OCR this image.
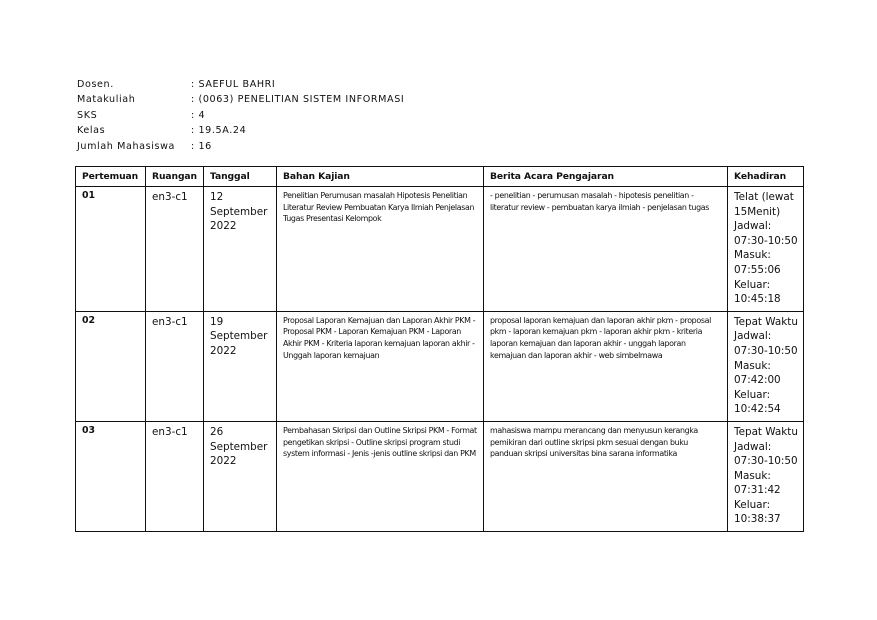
Dosen.	: SAEFUL BAHRI
Matakuliah	: (0063) PENELITIAN SISTEM INFORMASI
SKS	: 4
Kelas	: 19.5A.24
Jumlah Mahasiswa	: 16
Pertemuan	Ruangan	Tanggal	Bahan Kajian	Berita Acara Pengajaran	Kehadiran
01	en3-c1	12 September 2022	Penelitian Perumusan masalah Hipotesis Penelitian Literatur Review Pembuatan Karya Ilmiah Penjelasan Tugas Presentasi Kelompok	- penelitian - perumusan masalah - hipotesis penelitian - literatur review - pembuatan karya ilmiah - penjelasan tugas	Telat (lewat 15Menit) Jadwal: 07:30-10:50 Masuk: 07:55:06 Keluar: 10:45:18
02	en3-c1	19 September 2022	Proposal Laporan Kemajuan dan Laporan Akhir PKM - Proposal PKM - Laporan Kemajuan PKM - Laporan Akhir PKM - Kriteria laporan kemajuan laporan akhir - Unggah laporan kemajuan	proposal laporan kemajuan dan laporan akhir pkm - proposal pkm - laporan kemajuan pkm - laporan akhir pkm - kriteria laporan kemajuan dan laporan akhir - unggah laporan kemajuan dan laporan akhir - web simbelmawa	Tepat Waktu Jadwal: 07:30-10:50 Masuk: 07:42:00 Keluar: 10:42:54
03	en3-c1	26 September 2022	Pembahasan Skripsi dan Outline Skripsi PKM - Format pengetikan skripsi - Outline skripsi program studi system informasi - Jenis -jenis outline skripsi dan PKM	mahasiswa mampu merancang dan menyusun kerangka pemikiran dari outline skripsi pkm sesuai dengan buku panduan skripsi universitas bina sarana informatika	Tepat Waktu Jadwal: 07:30-10:50 Masuk: 07:31:42 Keluar: 10:38:37
